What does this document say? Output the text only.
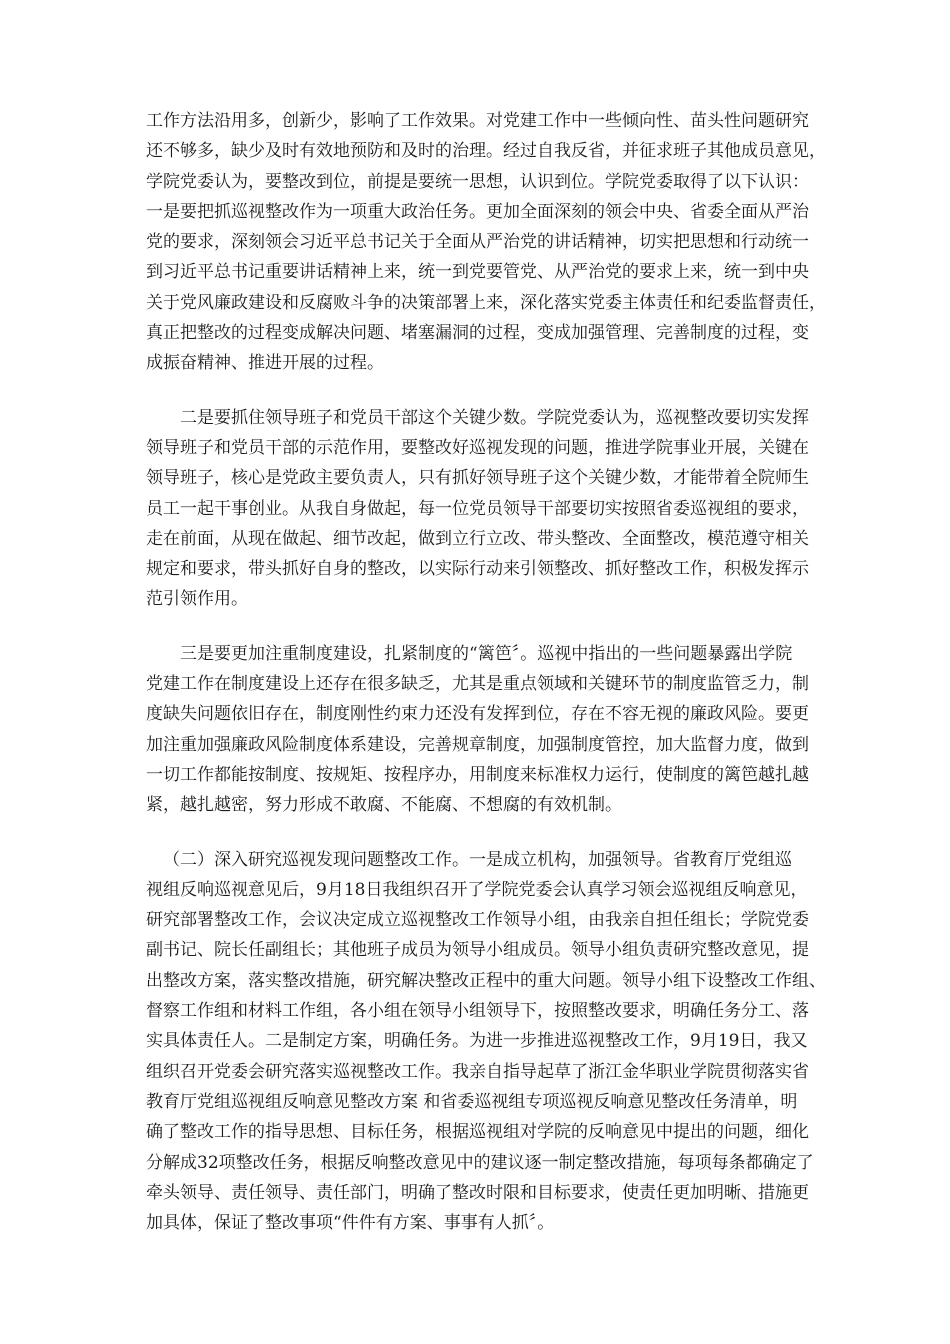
工作方法沿用多，创新少，影响了工作效果。对党建工作中一些倾向性、苗头性问题研究
还不够多，缺少及时有效地预防和及时的治理。经过自我反省，并征求班子其他成员意见，
学院党委认为，要整改到位，前提是要统一思想，认识到位。学院党委取得了以下认识：
一是要把抓巡视整改作为一项重大政治任务。更加全面深刻的领会中央、省委全面从严治
党的要求，深刻领会习近平总书记关于全面从严治党的讲话精神，切实把思想和行动统一
到习近平总书记重要讲话精神上来，统一到党要管党、从严治党的要求上来，统一到中央
关于党风廉政建设和反腐败斗争的决策部署上来，深化落实党委主体责任和纪委监督责任，
真正把整改的过程变成解决问题、堵塞漏洞的过程，变成加强管理、完善制度的过程，变
成振奋精神、推进开展的过程。

二是要抓住领导班子和党员干部这个关键少数。学院党委认为，巡视整改要切实发挥
领导班子和党员干部的示范作用，要整改好巡视发现的问题，推进学院事业开展，关键在
领导班子，核心是党政主要负责人，只有抓好领导班子这个关键少数，才能带着全院师生
员工一起干事创业。从我自身做起，每一位党员领导干部要切实按照省委巡视组的要求，
走在前面，从现在做起、细节改起，做到立行立改、带头整改、全面整改，模范遵守相关
规定和要求，带头抓好自身的整改，以实际行动来引领整改、抓好整改工作，积极发挥示
范引领作用。

三是要更加注重制度建设，扎紧制度的“篱笆〞。巡视中指出的一些问题暴露出学院
党建工作在制度建设上还存在很多缺乏，尤其是重点领域和关键环节的制度监管乏力，制
度缺失问题依旧存在，制度刚性约束力还没有发挥到位，存在不容无视的廉政风险。要更
加注重加强廉政风险制度体系建设，完善规章制度，加强制度管控，加大监督力度，做到
一切工作都能按制度、按规矩、按程序办，用制度来标准权力运行，使制度的篱笆越扎越
紧，越扎越密，努力形成不敢腐、不能腐、不想腐的有效机制。

（二）深入研究巡视发现问题整改工作。一是成立机构，加强领导。省教育厅党组巡
视组反响巡视意见后，9月18日我组织召开了学院党委会认真学习领会巡视组反响意见，
研究部署整改工作，会议决定成立巡视整改工作领导小组，由我亲自担任组长；学院党委
副书记、院长任副组长；其他班子成员为领导小组成员。领导小组负责研究整改意见，提
出整改方案，落实整改措施，研究解决整改正程中的重大问题。领导小组下设整改工作组、
督察工作组和材料工作组，各小组在领导小组领导下，按照整改要求，明确任务分工、落
实具体责任人。二是制定方案，明确任务。为进一步推进巡视整改工作，9月19日，我又
组织召开党委会研究落实巡视整改工作。我亲自指导起草了浙江金华职业学院贯彻落实省
教育厅党组巡视组反响意见整改方案 和省委巡视组专项巡视反响意见整改任务清单，明
确了整改工作的指导思想、目标任务，根据巡视组对学院的反响意见中提出的问题，细化
分解成32项整改任务，根据反响整改意见中的建议逐一制定整改措施，每项每条都确定了
牵头领导、责任领导、责任部门，明确了整改时限和目标要求，使责任更加明晰、措施更
加具体，保证了整改事项“件件有方案、事事有人抓〞。
